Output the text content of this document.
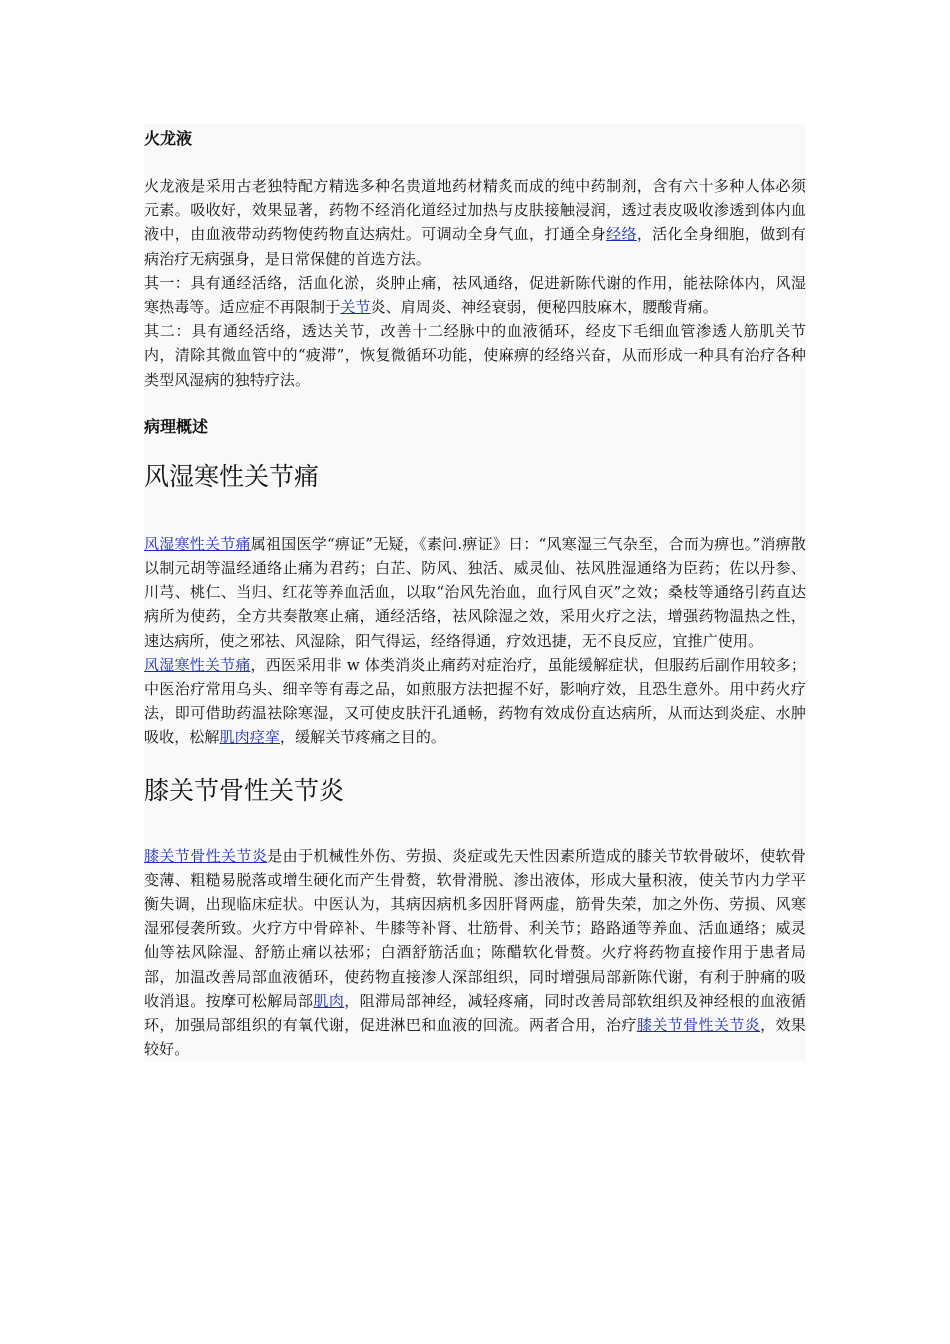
火龙液

火龙液是采用古老独特配方精选多种名贵道地药材精炙而成的纯中药制剂，含有六十多种人体必须元素。吸收好，效果显著，药物不经消化道经过加热与皮肤接触浸润，透过表皮吸收渗透到体内血液中，由血液带动药物使药物直达病灶。可调动全身气血，打通全身经络，活化全身细胞，做到有病治疗无病强身，是日常保健的首选方法。

其一：具有通经活络，活血化淤，炎肿止痛，祛风通络，促进新陈代谢的作用，能祛除体内，风湿寒热毒等。适应症不再限制于关节炎、肩周炎、神经衰弱，便秘四肢麻木，腰酸背痛。

其二：具有通经活络，透达关节，改善十二经脉中的血液循环，经皮下毛细血管渗透人筋肌关节内，清除其微血管中的“疲滞”，恢复微循环功能，使麻痹的经络兴奋，从而形成一种具有治疗各种类型风湿病的独特疗法。

病理概述
风湿寒性关节痛

风湿寒性关节痛属祖国医学“痹证”无疑，《素问.痹证》日：“风寒湿三气杂至，合而为痹也。”消痹散以制元胡等温经通络止痛为君药；白芷、防风、独活、威灵仙、祛风胜湿通络为臣药；佐以丹参、川芎、桃仁、当归、红花等养血活血，以取“治风先治血，血行风自灭”之效；桑枝等通络引药直达病所为使药，全方共奏散寒止痛，通经活络，祛风除湿之效，采用火疗之法，增强药物温热之性，速达病所，使之邪祛、风湿除，阳气得运，经络得通，疗效迅捷，无不良反应，宜推广使用。

风湿寒性关节痛，西医采用非 w 体类消炎止痛药对症治疗，虽能缓解症状，但服药后副作用较多；中医治疗常用乌头、细辛等有毒之品，如煎服方法把握不好，影响疗效，且恐生意外。用中药火疗法，即可借助药温祛除寒湿，又可使皮肤汗孔通畅，药物有效成份直达病所，从而达到炎症、水肿吸收，松解肌肉痉挛，缓解关节疼痛之目的。

膝关节骨性关节炎

膝关节骨性关节炎是由于机械性外伤、劳损、炎症或先天性因素所造成的膝关节软骨破坏，使软骨变薄、粗糙易脱落或增生硬化而产生骨赘，软骨滑脱、渗出液体，形成大量积液，使关节内力学平衡失调，出现临床症状。中医认为，其病因病机多因肝肾两虚，筋骨失荣，加之外伤、劳损、风寒湿邪侵袭所致。火疗方中骨碎补、牛膝等补肾、壮筋骨、利关节；路路通等养血、活血通络；威灵仙等祛风除湿、舒筋止痛以祛邪；白酒舒筋活血；陈醋软化骨赘。火疗将药物直接作用于患者局部，加温改善局部血液循环，使药物直接渗人深部组织，同时增强局部新陈代谢，有利于肿痛的吸收消退。按摩可松解局部肌肉，阻滞局部神经，减轻疼痛，同时改善局部软组织及神经根的血液循环，加强局部组织的有氧代谢，促进淋巴和血液的回流。两者合用，治疗膝关节骨性关节炎，效果较好。
